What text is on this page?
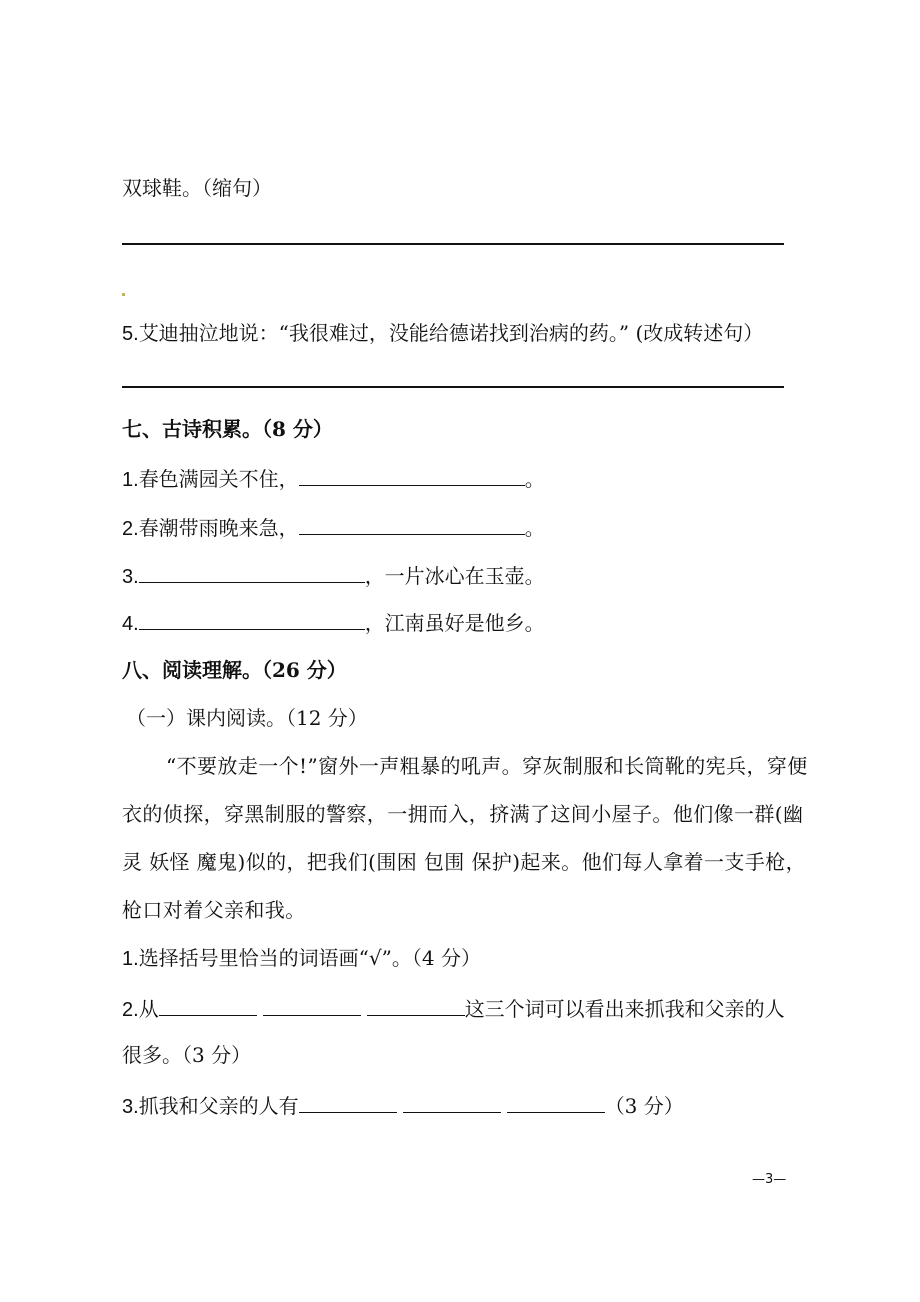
双球鞋。（缩句）
5.艾迪抽泣地说：“我很难过，没能给德诺找到治病的药。” (改成转述句）
七、古诗积累。（8 分）
1.春色满园关不住，	。
2.春潮带雨晚来急，	。
3.	，一片冰心在玉壶。
4.	，江南虽好是他乡。
八、阅读理解。（26 分）
（一）课内阅读。（12 分）
“不要放走一个!”窗外一声粗暴的吼声。穿灰制服和长筒靴的宪兵，穿便衣的侦探，穿黑制服的警察，一拥而入，挤满了这间小屋子。他们像一群(幽灵 妖怪 魔鬼)似的，把我们(围困 包围 保护)起来。他们每人拿着一支手枪，枪口对着父亲和我。
1.选择括号里恰当的词语画“√”。（4 分）
2.从	这三个词可以看出来抓我和父亲的人
很多。（3 分）
3.抓我和父亲的人有	（3 分）
—3—
